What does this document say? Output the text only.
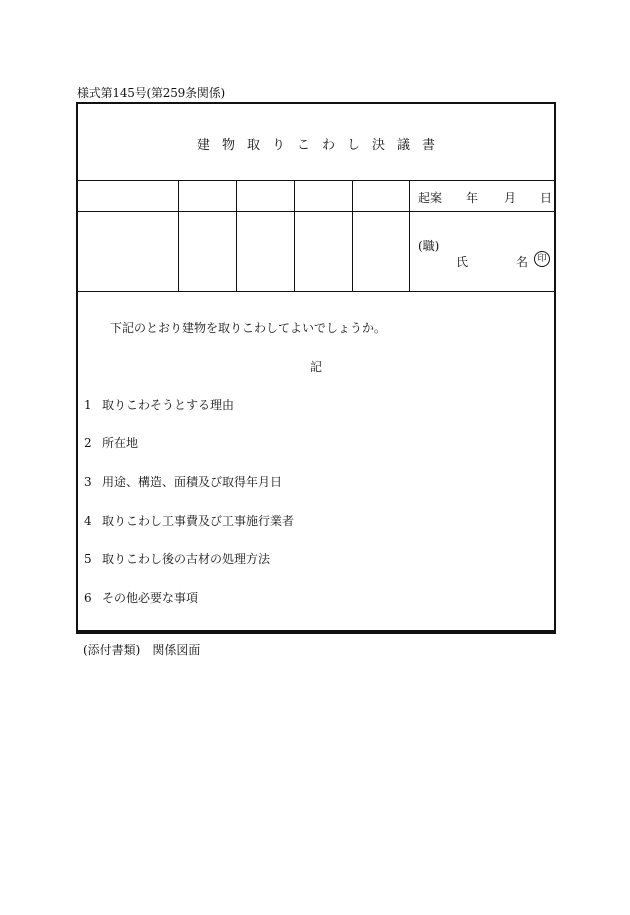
様式第145号(第259条関係)
建物取りこわし決議書
起案 年 月 日
(職)
氏	名	印
下記のとおり建物を取りこわしてよいでしょうか。
記
1 取りこわそうとする理由
2 所在地
3 用途、構造、面積及び取得年月日
4 取りこわし工事費及び工事施行業者
5 取りこわし後の古材の処理方法
6 その他必要な事項
(添付書類) 関係図面
